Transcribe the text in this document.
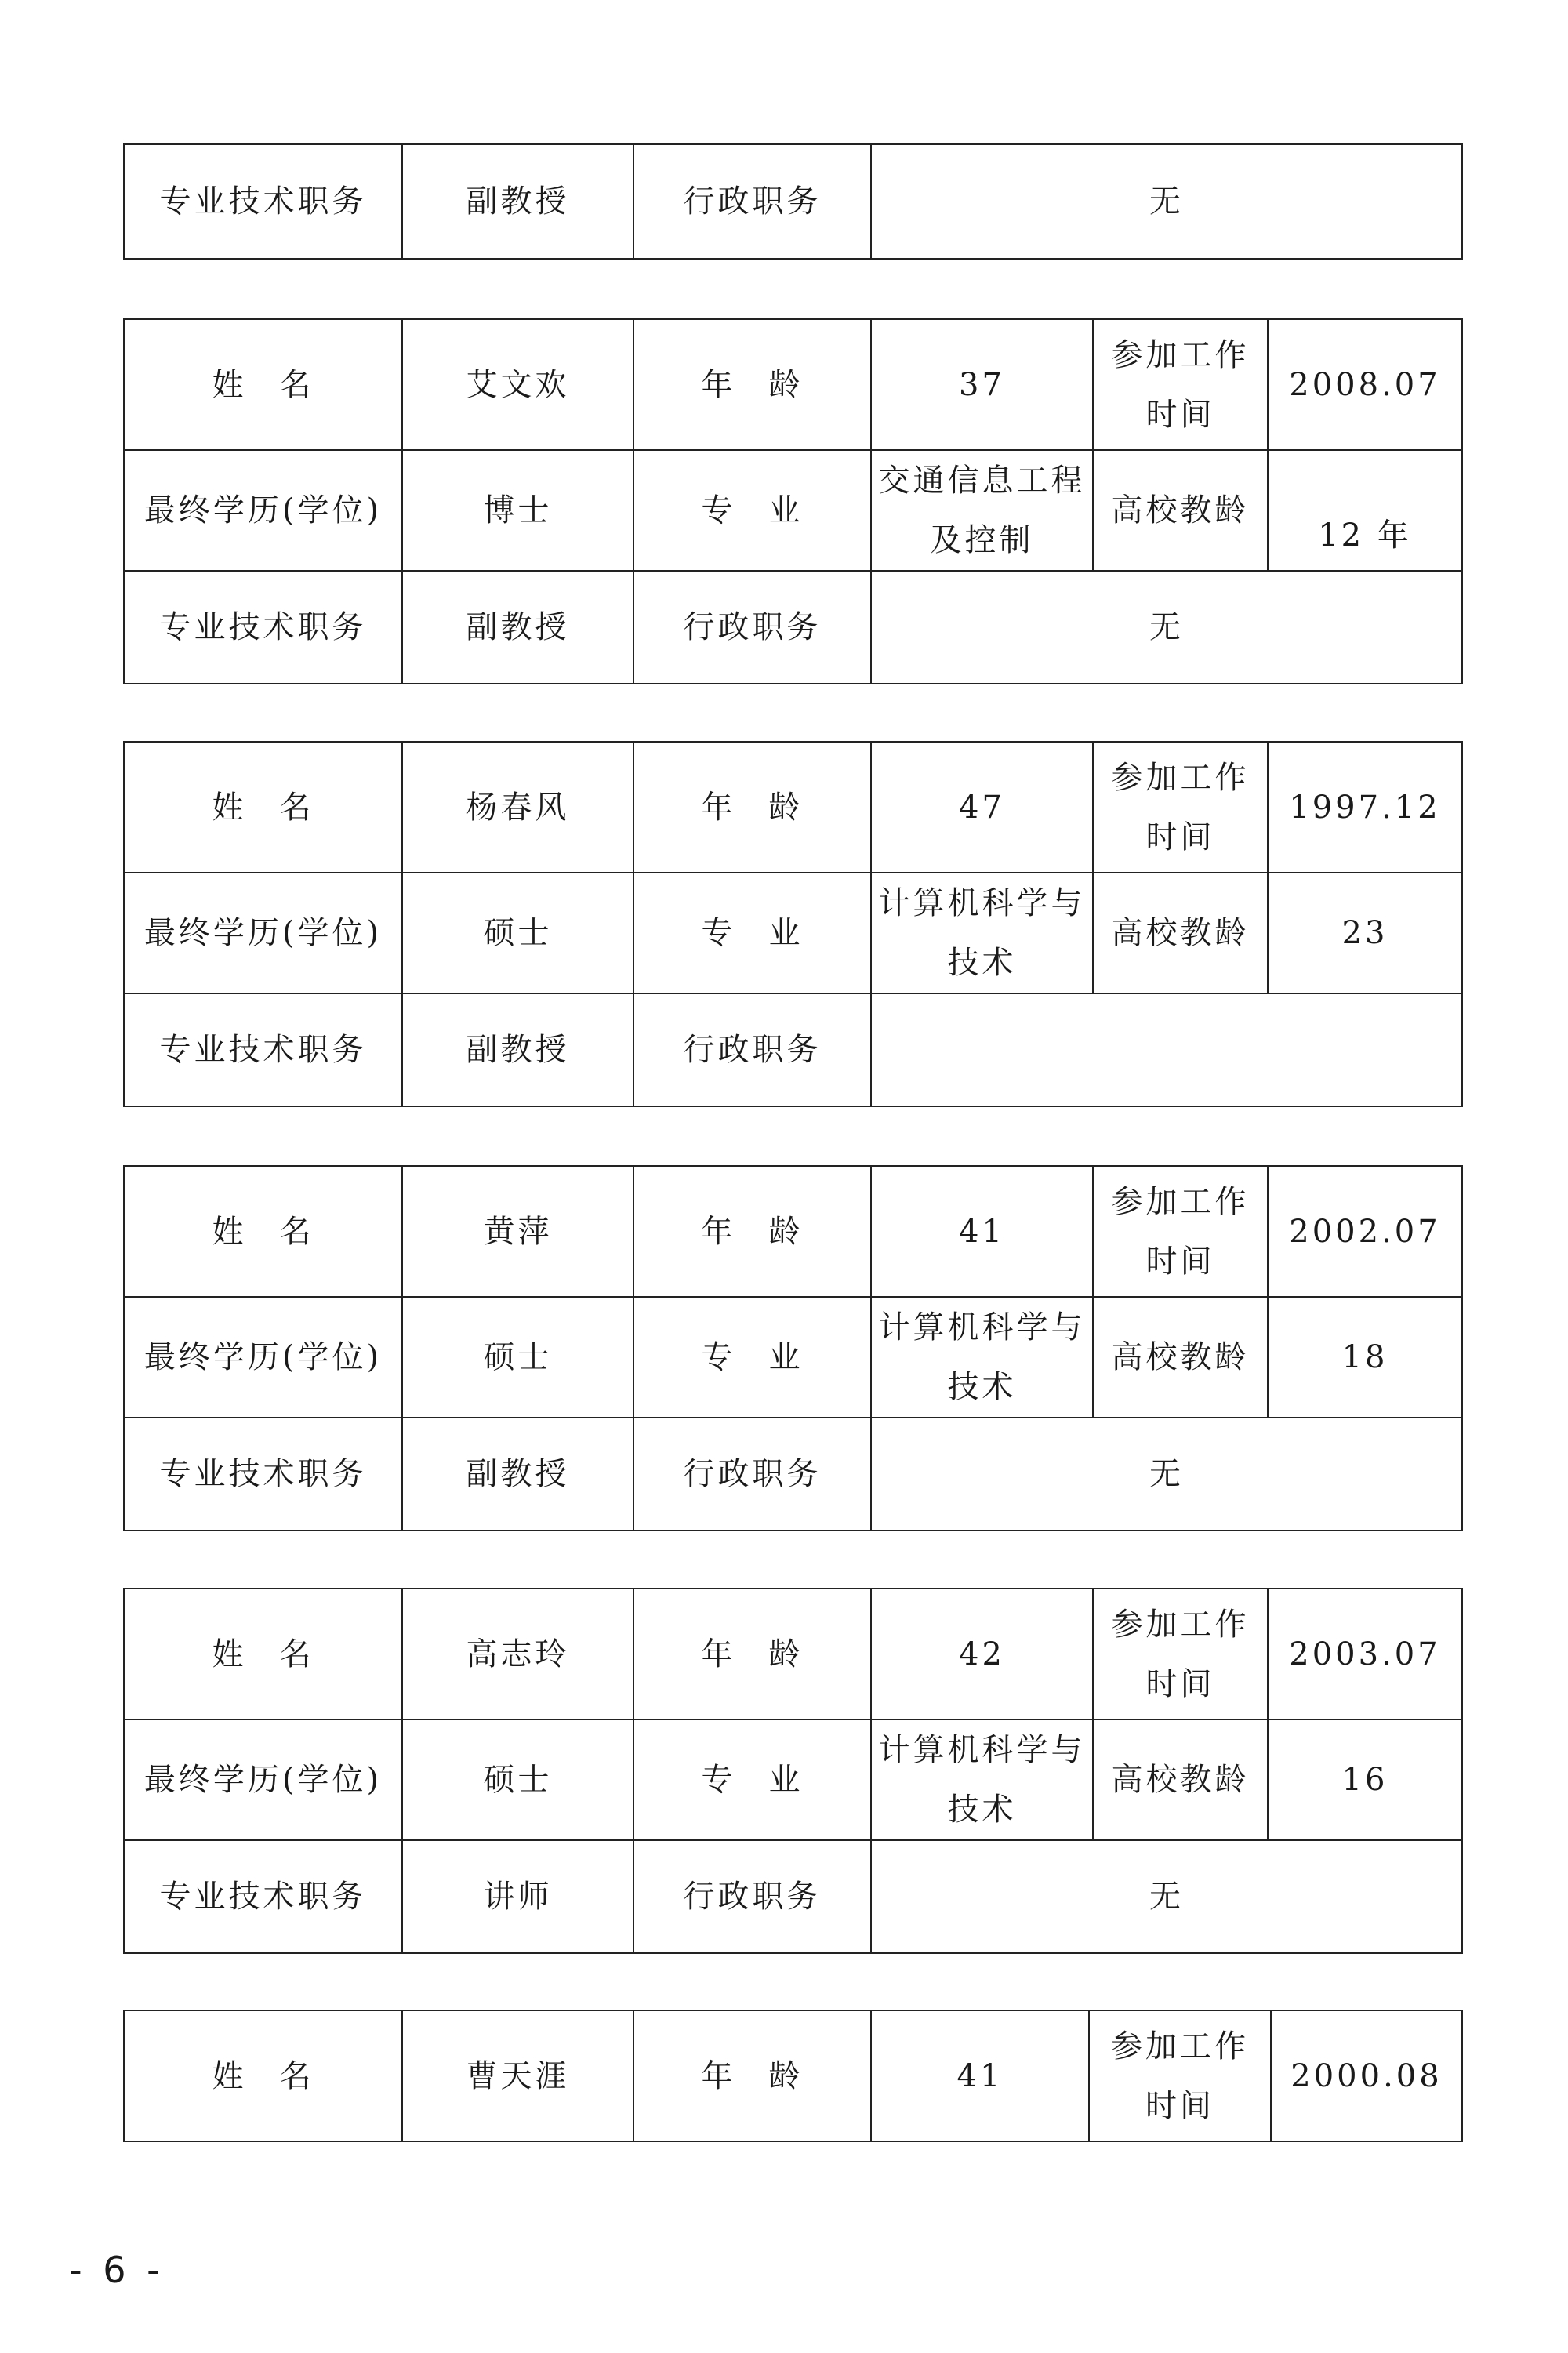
专业技术职务	副教授	行政职务	无
姓 名	艾文欢	年 龄	37	参加工作时间	2008.07
最终学历(学位)	博士	专 业	交通信息工程及控制	高校教龄	12 年
专业技术职务	副教授	行政职务	无		
姓 名	杨春风	年 龄	47	参加工作时间	1997.12
最终学历(学位)	硕士	专 业	计算机科学与技术	高校教龄	23
专业技术职务	副教授	行政职务			
姓 名	黄萍	年 龄	41	参加工作时间	2002.07
最终学历(学位)	硕士	专 业	计算机科学与技术	高校教龄	18
专业技术职务	副教授	行政职务	无		
姓 名	高志玲	年 龄	42	参加工作时间	2003.07
最终学历(学位)	硕士	专 业	计算机科学与技术	高校教龄	16
专业技术职务	讲师	行政职务	无		
姓 名	曹天涯	年 龄	41	参加工作时间	2000.08
- 6 -
